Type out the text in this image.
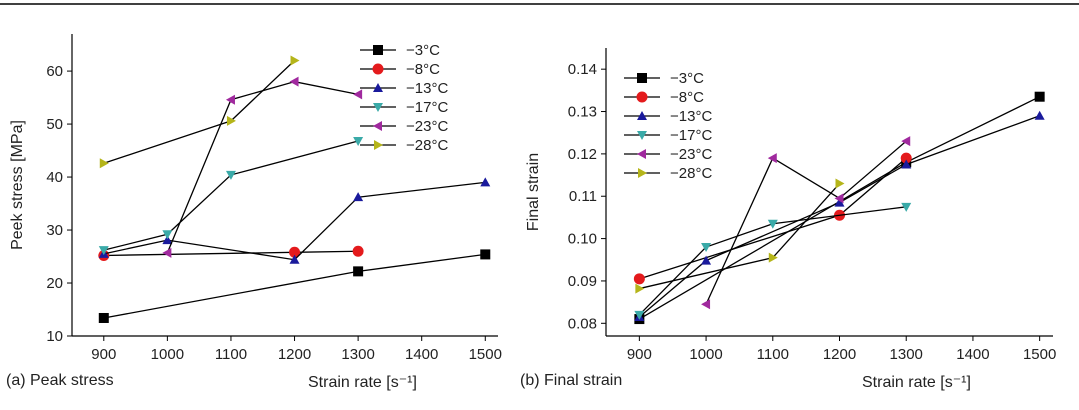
900 1000 1100 1200 1300 1400 1500
10
20
30
40
50
60
Peek stress [MPa]
−3°C
−8°C
−13°C
−17°C
−23°C
−28°C
900	1000 1100 1200 1300 1400 1500
0.08
0.09
0.10
0.11
0.12
0.13
0.14
Final strain
−3°C
−8°C
−13°C
−17°C
−23°C
−28°C
(a) Peak stress	Strain rate [s⁻¹]	(b) Final strain	Strain rate [s⁻¹]
